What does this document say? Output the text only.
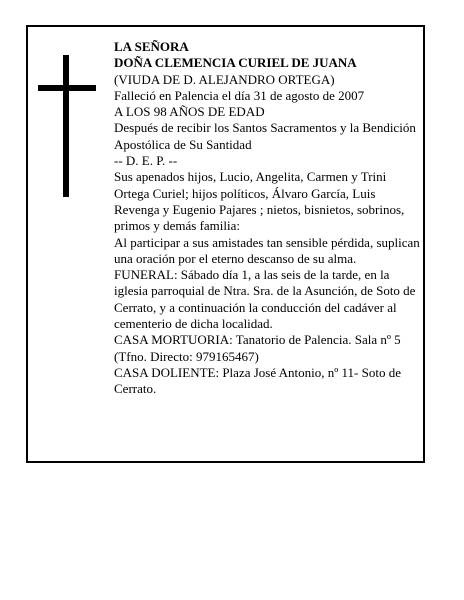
LA SEÑORA

DOÑA CLEMENCIA CURIEL DE JUANA

(VIUDA DE D. ALEJANDRO ORTEGA)

Falleció en Palencia el día 31 de agosto de 2007

A LOS 98 AÑOS DE EDAD

Después de recibir los Santos Sacramentos y la Bendición Apostólica de Su Santidad

-- D. E. P. --

Sus apenados hijos, Lucio, Angelita, Carmen y Trini Ortega Curiel; hijos políticos, Álvaro García, Luis Revenga y Eugenio Pajares ; nietos, bisnietos, sobrinos, primos y demás familia:

Al participar a sus amistades tan sensible pérdida, suplican una oración por el eterno descanso de su alma.

FUNERAL: Sábado día 1, a las seis de la tarde, en la iglesia parroquial de Ntra. Sra. de la Asunción, de Soto de Cerrato, y a continuación la conducción del cadáver al cementerio de dicha localidad.

CASA MORTUORIA: Tanatorio de Palencia. Sala nº 5 (Tfno. Directo: 979165467)

CASA DOLIENTE: Plaza José Antonio, nº 11- Soto de Cerrato.
